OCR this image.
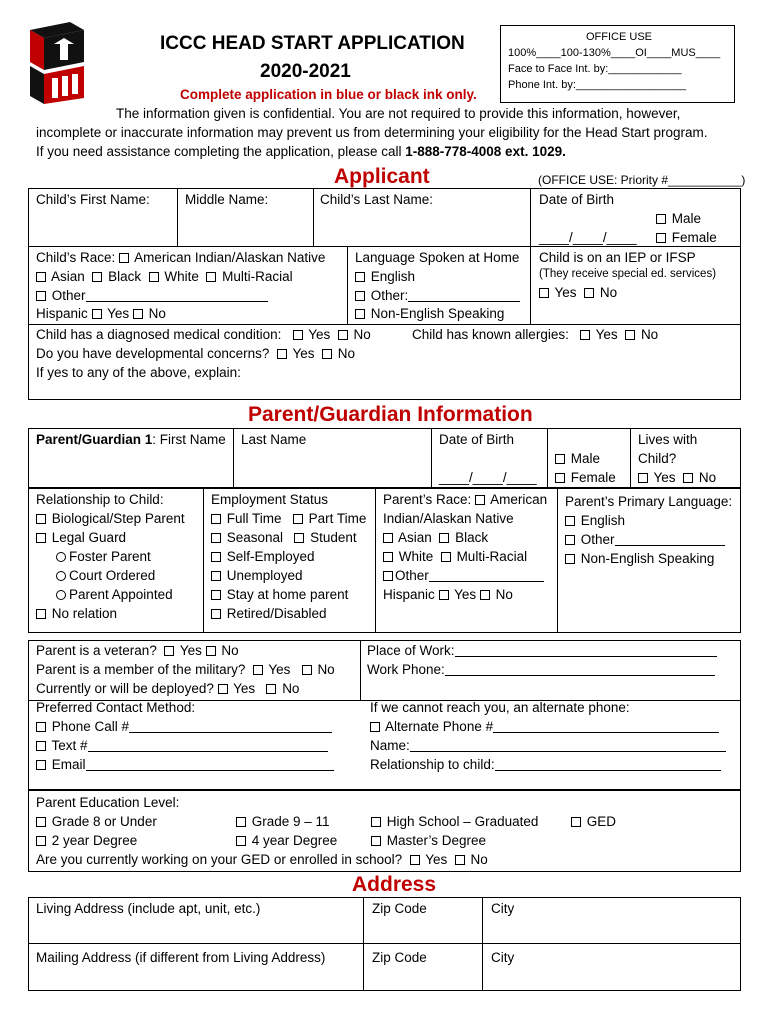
ICCC HEAD START APPLICATION
2020-2021
Complete application in blue or black ink only.
OFFICE USE
100%____100-130%____OI____MUS____
Face to Face Int. by:____________
Phone Int. by:__________________
The information given is confidential. You are not required to provide this information, however,
incomplete or inaccurate information may prevent us from determining your eligibility for the Head Start program.
If you need assistance completing the application, please call 1-888-778-4008 ext. 1029.
Applicant	(OFFICE USE: Priority #___________)
Child’s First Name:	Middle Name:	Child’s Last Name:	Date of Birth
____/____/____
Male
Female
Child’s Race: American Indian/Alaskan Native
Asian Black White Multi-Racial
Other
Hispanic Yes No
Language Spoken at Home
English
Other:
Non-English Speaking
Child is on an IEP or IFSP
(They receive special ed. services)
Yes No
Child has a diagnosed medical condition: Yes No	Child has known allergies: Yes No
Do you have developmental concerns? Yes No
If yes to any of the above, explain:
Parent/Guardian Information
Parent/Guardian 1: First Name Last Name	Date of Birth
____/____/____
Male
Female
Lives with
Child?
Yes No
Relationship to Child:
Biological/Step Parent
Legal Guard
Foster Parent
Court Ordered
Parent Appointed
No relation
Employment Status
Full Time Part Time
Seasonal Student
Self-Employed
Unemployed
Stay at home parent
Retired/Disabled
Parent’s Race: American
Indian/Alaskan Native
Asian Black
White Multi-Racial
Other
Hispanic Yes No
Parent’s Primary Language:
English
Other
Non-English Speaking
Parent is a veteran? Yes No
Parent is a member of the military? Yes No
Currently or will be deployed? Yes No
Place of Work:
Work Phone:
Preferred Contact Method:
Phone Call #
Text #
Email
If we cannot reach you, an alternate phone:
Alternate Phone #
Name:
Relationship to child:
Parent Education Level:
Grade 8 or Under	Grade 9 – 11	High School – Graduated	GED
2 year Degree	4 year Degree	Master’s Degree
Are you currently working on your GED or enrolled in school? Yes No
Address
Living Address (include apt, unit, etc.)	Zip Code	City
Mailing Address (if different from Living Address)	Zip Code	City
